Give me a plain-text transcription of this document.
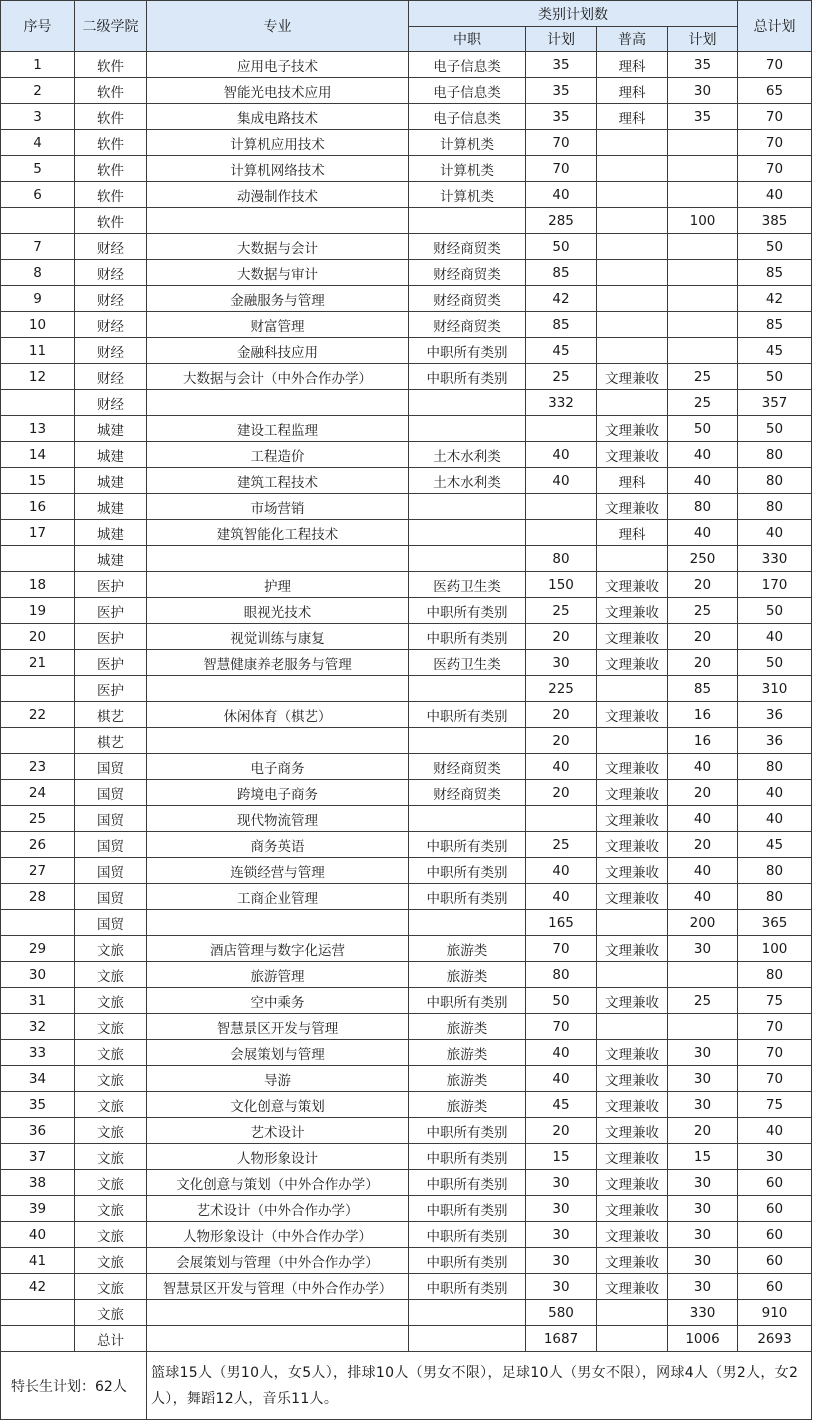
序号	二级学院	专业	类别计划数				总计划
			中职	计划	普高	计划	
1	软件	应用电子技术	电子信息类	35	理科	35	70
2	软件	智能光电技术应用	电子信息类	35	理科	30	65
3	软件	集成电路技术	电子信息类	35	理科	35	70
4	软件	计算机应用技术	计算机类	70			70
5	软件	计算机网络技术	计算机类	70			70
6	软件	动漫制作技术	计算机类	40			40
	软件			285		100	385
7	财经	大数据与会计	财经商贸类	50			50
8	财经	大数据与审计	财经商贸类	85			85
9	财经	金融服务与管理	财经商贸类	42			42
10	财经	财富管理	财经商贸类	85			85
11	财经	金融科技应用	中职所有类别	45			45
12	财经	大数据与会计（中外合作办学）	中职所有类别	25	文理兼收	25	50
	财经			332		25	357
13	城建	建设工程监理			文理兼收	50	50
14	城建	工程造价	土木水利类	40	文理兼收	40	80
15	城建	建筑工程技术	土木水利类	40	理科	40	80
16	城建	市场营销			文理兼收	80	80
17	城建	建筑智能化工程技术			理科	40	40
	城建			80		250	330
18	医护	护理	医药卫生类	150	文理兼收	20	170
19	医护	眼视光技术	中职所有类别	25	文理兼收	25	50
20	医护	视觉训练与康复	中职所有类别	20	文理兼收	20	40
21	医护	智慧健康养老服务与管理	医药卫生类	30	文理兼收	20	50
	医护			225		85	310
22	棋艺	休闲体育（棋艺）	中职所有类别	20	文理兼收	16	36
	棋艺			20		16	36
23	国贸	电子商务	财经商贸类	40	文理兼收	40	80
24	国贸	跨境电子商务	财经商贸类	20	文理兼收	20	40
25	国贸	现代物流管理			文理兼收	40	40
26	国贸	商务英语	中职所有类别	25	文理兼收	20	45
27	国贸	连锁经营与管理	中职所有类别	40	文理兼收	40	80
28	国贸	工商企业管理	中职所有类别	40	文理兼收	40	80
	国贸			165		200	365
29	文旅	酒店管理与数字化运营	旅游类	70	文理兼收	30	100
30	文旅	旅游管理	旅游类	80			80
31	文旅	空中乘务	中职所有类别	50	文理兼收	25	75
32	文旅	智慧景区开发与管理	旅游类	70			70
33	文旅	会展策划与管理	旅游类	40	文理兼收	30	70
34	文旅	导游	旅游类	40	文理兼收	30	70
35	文旅	文化创意与策划	旅游类	45	文理兼收	30	75
36	文旅	艺术设计	中职所有类别	20	文理兼收	20	40
37	文旅	人物形象设计	中职所有类别	15	文理兼收	15	30
38	文旅	文化创意与策划（中外合作办学）	中职所有类别	30	文理兼收	30	60
39	文旅	艺术设计（中外合作办学）	中职所有类别	30	文理兼收	30	60
40	文旅	人物形象设计（中外合作办学）	中职所有类别	30	文理兼收	30	60
41	文旅	会展策划与管理（中外合作办学）	中职所有类别	30	文理兼收	30	60
42	文旅	智慧景区开发与管理（中外合作办学）	中职所有类别	30	文理兼收	30	60
	文旅			580		330	910
	总计			1687		1006	2693
特长生计划：62人		篮球15人（男10人，女5人），排球10人（男女不限），足球10人（男女不限），网球4人（男2人，女2人），舞蹈12人，音乐11人。					
